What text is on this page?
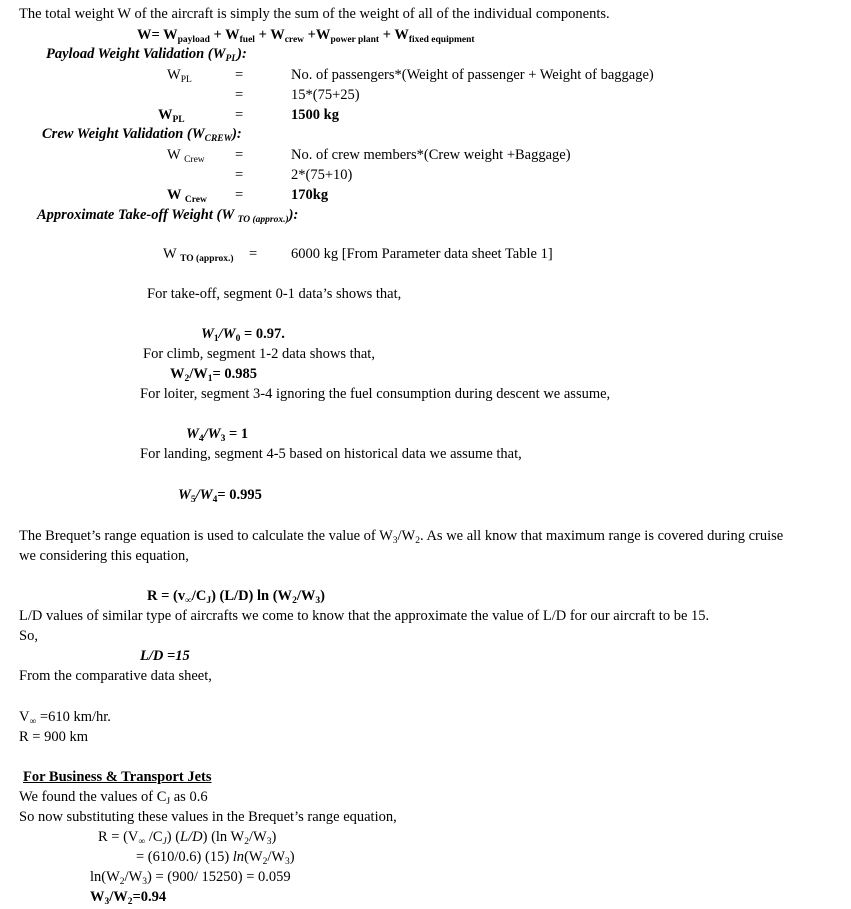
The total weight W of the aircraft is simply the sum of the weight of all of the individual components.
$W= W_{payload} + W_{fuel} + W_{crew} +W_{power plant} + W_{fixed equipment}$
Payload Weight Validation $(W_{PL})$:
$W_{PL}$	=	No. of passengers*(Weight of passenger + Weight of baggage)
=	15*(75+25)
$W_{PL}$	=	1500 kg
Crew Weight Validation $(W_{CREW})$:
W $_{Crew}$ =	No. of crew members*(Crew weight +Baggage)
=	2*(75+10)
W $_{Crew}$ =	170kg
Approximate Take-off Weight (W $_{TO (approx.)}$):
W $_{TO (approx.)}$ = 6000 kg [From Parameter data sheet Table 1]
For take-off, segment 0-1 data’s shows that,
$W_1/W_0 = 0.97$.
For climb, segment 1-2 data shows that,
$W_2/W_1= 0.985$
For loiter, segment 3-4 ignoring the fuel consumption during descent we assume,
$W_4/W_3 = 1$
For landing, segment 4-5 based on historical data we assume that,
$W_5/W_4= 0.995$
The Brequet’s range equation is used to calculate the value of $W_3/W_2$. As we all know that maximum range is covered during cruise
we considering this equation,
$R = (v_\infty/C_J)$ (L/D) $\ln (W_2/W_3)$
L/D values of similar type of aircrafts we come to know that the approximate the value of L/D for our aircraft to be 15.
So,
L/D =15
From the comparative data sheet,
$V_\infty =610$ km/hr.
R = 900 km
For Business & Transport Jets
We found the values of $C_J$ as 0.6
So now substituting these values in the Brequet’s range equation,
$R = (V_\infty$ $/C_J$) (L/D) (ln $W_2/W_3$)
= (610/0.6) (15) $\ln(W_2/W_3)$
$\ln(W_2/W_3) = (900/$ 15250) = 0.059
$W_3/W_2=0.94$
